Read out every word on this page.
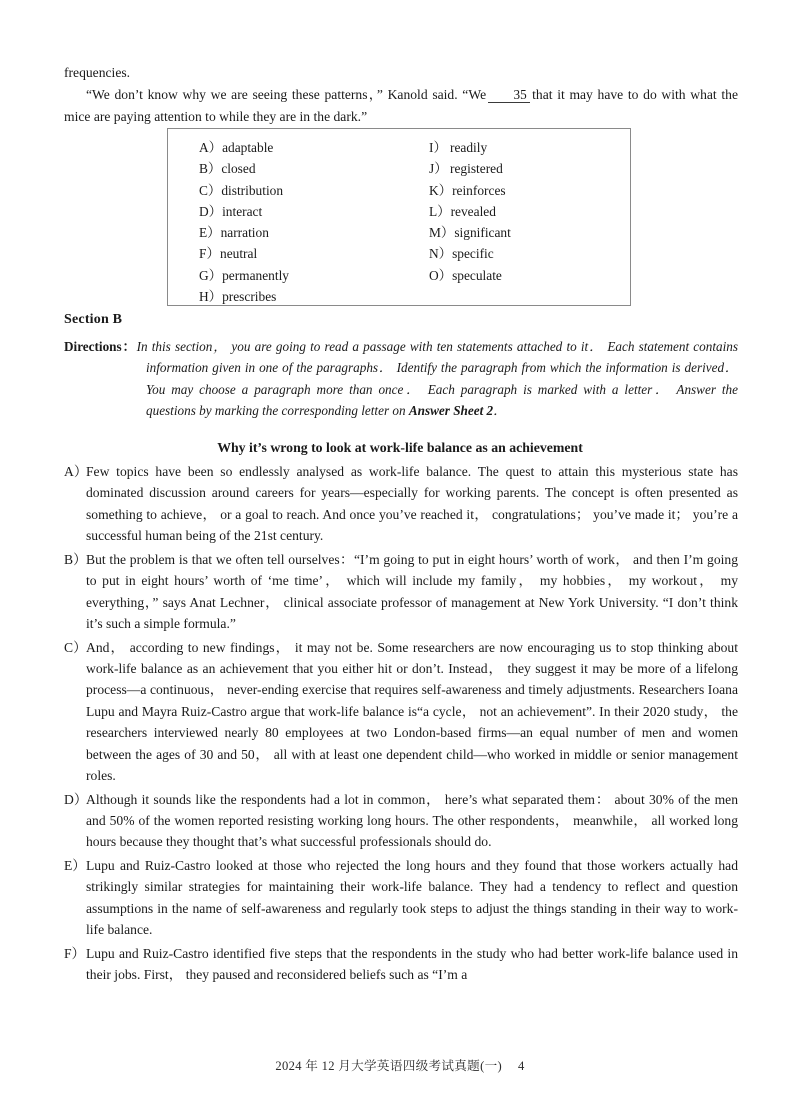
frequencies.
“We don’t know why we are seeing these patterns，” Kanold said. “We 35 that it may have to do with what the mice are paying attention to while they are in the dark.”
A）adaptable
B）closed
C）distribution
D）interact
E）narration
F）neutral
G）permanently
H）prescribes
I） readily
J） registered
K）reinforces
L）revealed
M）significant
N）specific
O）speculate
Section B
Directions：In this section， you are going to read a passage with ten statements attached to it． Each statement contains information given in one of the paragraphs． Identify the paragraph from which the information is derived． You may choose a paragraph more than once． Each paragraph is marked with a letter． Answer the questions by marking the corresponding letter on Answer Sheet 2．
Why it’s wrong to look at work-life balance as an achievement
A）
Few topics have been so endlessly analysed as work-life balance. The quest to attain this mysterious state has dominated discussion around careers for years—especially for working parents. The concept is often presented as something to achieve， or a goal to reach. And once you’ve reached it， congratulations； you’ve made it； you’re a successful human being of the 21st century.
B） But the problem is that we often tell ourselves：“I’m going to put in eight hours’ worth of work， and then I’m going to put in eight hours’ worth of ‘me time’， which will include my family， my hobbies， my workout， my everything，” says Anat Lechner， clinical associate professor of management at New York University. “I don’t think it’s such a simple formula.”
C） And， according to new findings， it may not be. Some researchers are now encouraging us to stop thinking about work-life balance as an achievement that you either hit or don’t. Instead， they suggest it may be more of a lifelong process—a continuous， never-ending exercise that requires self-awareness and timely adjustments. Researchers Ioana Lupu and Mayra Ruiz-Castro argue that work-life balance is“a cycle， not an achievement”. In their 2020 study， the researchers interviewed nearly 80 employees at two London-based firms—an equal number of men and women between the ages of 30 and 50， all with at least one dependent child—who worked in middle or senior management roles.
D）
Although it sounds like the respondents had a lot in common， here’s what separated them： about 30% of the men and 50% of the women reported resisting working long hours. The other respondents， meanwhile， all worked long hours because they thought that’s what successful professionals should do.
E） Lupu and Ruiz-Castro looked at those who rejected the long hours and they found that those workers actually had strikingly similar strategies for maintaining their work-life balance. They had a tendency to reflect and question assumptions in the name of self-awareness and regularly took steps to adjust the things standing in their way to work-life balance.
F） Lupu and Ruiz-Castro identified five steps that the respondents in the study who had better work-life balance used in their jobs. First， they paused and reconsidered beliefs such as “I’m a
2024 年 12 月大学英语四级考试真题(一) 4
